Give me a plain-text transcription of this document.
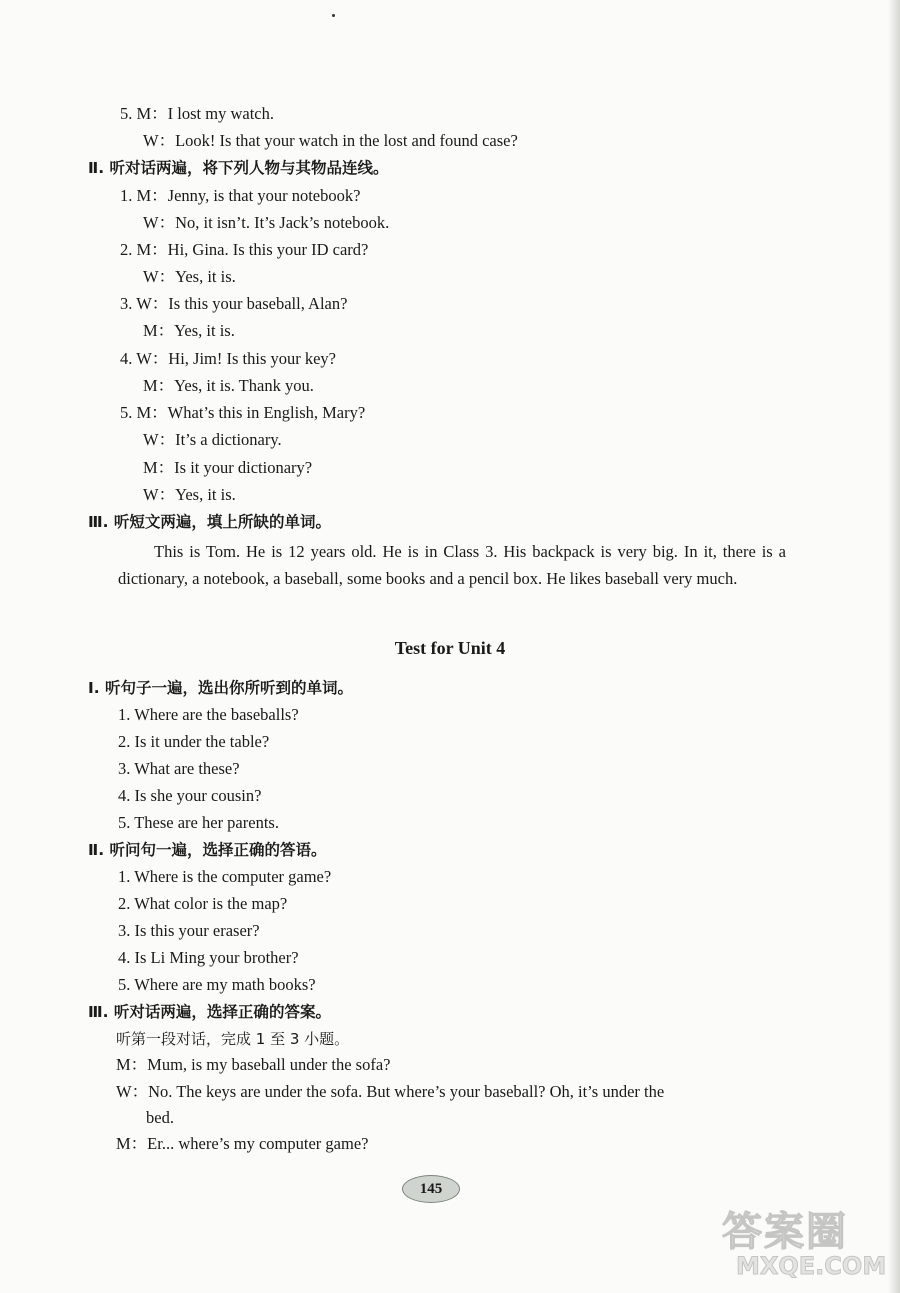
5. M：I lost my watch.
W：Look! Is that your watch in the lost and found case?
Ⅱ. 听对话两遍，将下列人物与其物品连线。
1. M：Jenny, is that your notebook?
W：No, it isn’t. It’s Jack’s notebook.
2. M：Hi, Gina. Is this your ID card?
W：Yes, it is.
3. W：Is this your baseball, Alan?
M：Yes, it is.
4. W：Hi, Jim! Is this your key?
M：Yes, it is. Thank you.
5. M：What’s this in English, Mary?
W：It’s a dictionary.
M：Is it your dictionary?
W：Yes, it is.
Ⅲ. 听短文两遍，填上所缺的单词。
This is Tom. He is 12 years old. He is in Class 3. His backpack is very big. In it, there is a dictionary, a notebook, a baseball, some books and a pencil box. He likes baseball very much.
Test for Unit 4
Ⅰ. 听句子一遍，选出你所听到的单词。
1. Where are the baseballs?
2. Is it under the table?
3. What are these?
4. Is she your cousin?
5. These are her parents.
Ⅱ. 听问句一遍，选择正确的答语。
1. Where is the computer game?
2. What color is the map?
3. Is this your eraser?
4. Is Li Ming your brother?
5. Where are my math books?
Ⅲ. 听对话两遍，选择正确的答案。
听第一段对话，完成 1 至 3 小题。
M：Mum, is my baseball under the sofa?
W：No. The keys are under the sofa. But where’s your baseball? Oh, it’s under the
bed.
M：Er... where’s my computer game?
145
答案圈
MXQE.COM
